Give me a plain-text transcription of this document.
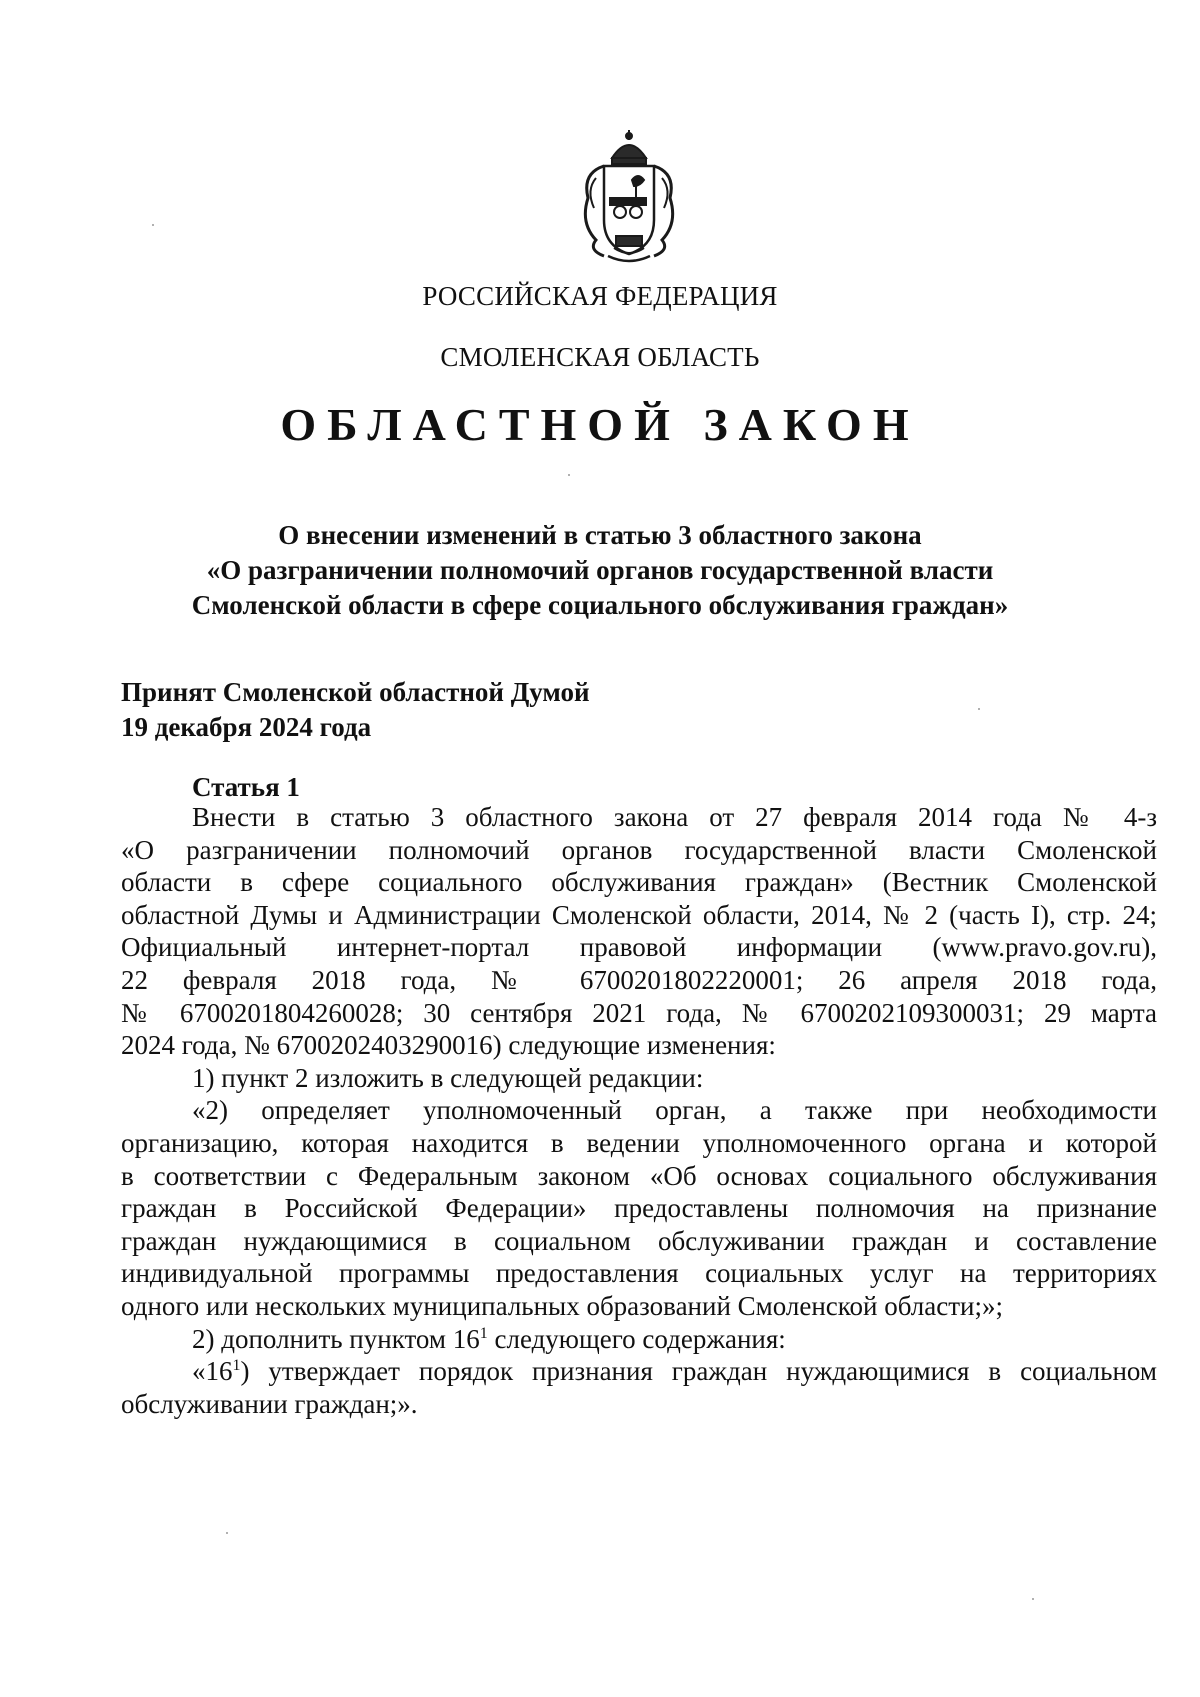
РОССИЙСКАЯ ФЕДЕРАЦИЯ
СМОЛЕНСКАЯ ОБЛАСТЬ
ОБЛАСТНОЙ ЗАКОН
О внесении изменений в статью 3 областного закона
«О разграничении полномочий органов государственной власти
Смоленской области в сфере социального обслуживания граждан»
Принят Смоленской областной Думой
19 декабря 2024 года
Статья 1
Внести в статью 3 областного закона от 27 февраля 2014 года № 4-з
«О разграничении полномочий органов государственной власти Смоленской
области в сфере социального обслуживания граждан» (Вестник Смоленской
областной Думы и Администрации Смоленской области, 2014, № 2 (часть I), стр. 24;
Официальный интернет-портал правовой информации (www.pravo.gov.ru),
22 февраля 2018 года, № 6700201802220001; 26 апреля 2018 года,
№ 6700201804260028; 30 сентября 2021 года, № 6700202109300031; 29 марта
2024 года, № 6700202403290016) следующие изменения:
1) пункт 2 изложить в следующей редакции:
«2) определяет уполномоченный орган, а также при необходимости
организацию, которая находится в ведении уполномоченного органа и которой
в соответствии с Федеральным законом «Об основах социального обслуживания
граждан в Российской Федерации» предоставлены полномочия на признание
граждан нуждающимися в социальном обслуживании граждан и составление
индивидуальной программы предоставления социальных услуг на территориях
одного или нескольких муниципальных образований Смоленской области;»;
2) дополнить пунктом $16^1$ следующего содержания:
«$16^1$) утверждает порядок признания граждан нуждающимися в социальном
обслуживании граждан;».
